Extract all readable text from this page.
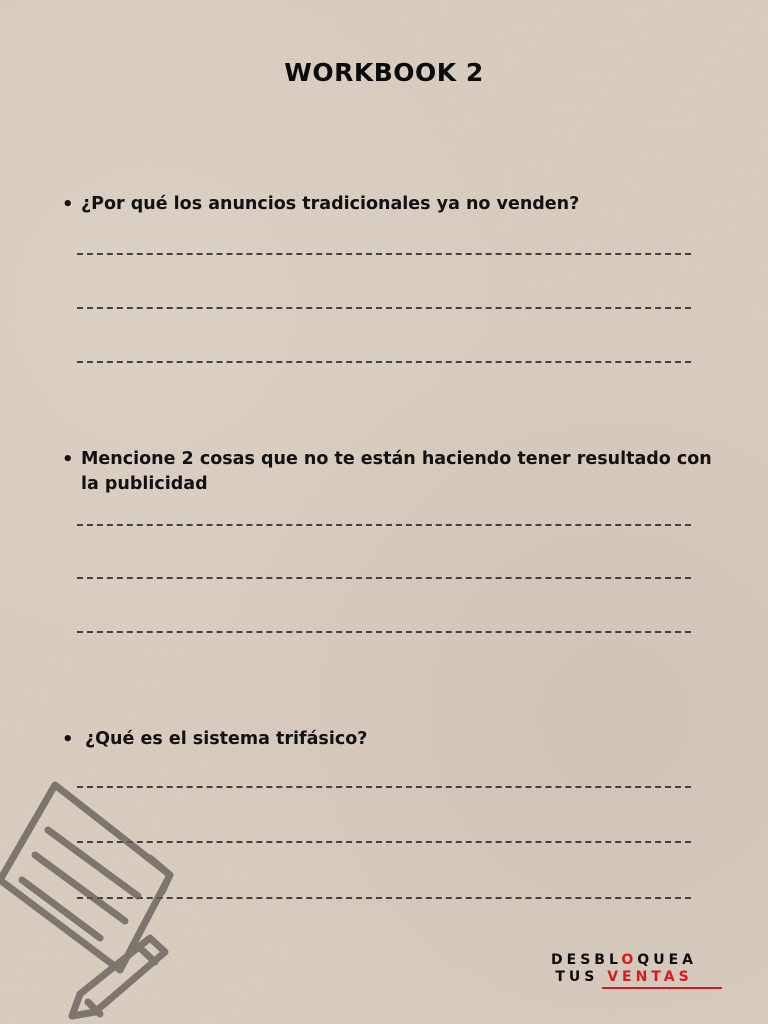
WORKBOOK 2
• ¿Por qué los anuncios tradicionales ya no venden?
• Mencione 2 cosas que no te están haciendo tener resultado con la publicidad
• ¿Qué es el sistema trifásico?
DESBLOQUEA
TUS VENTAS
